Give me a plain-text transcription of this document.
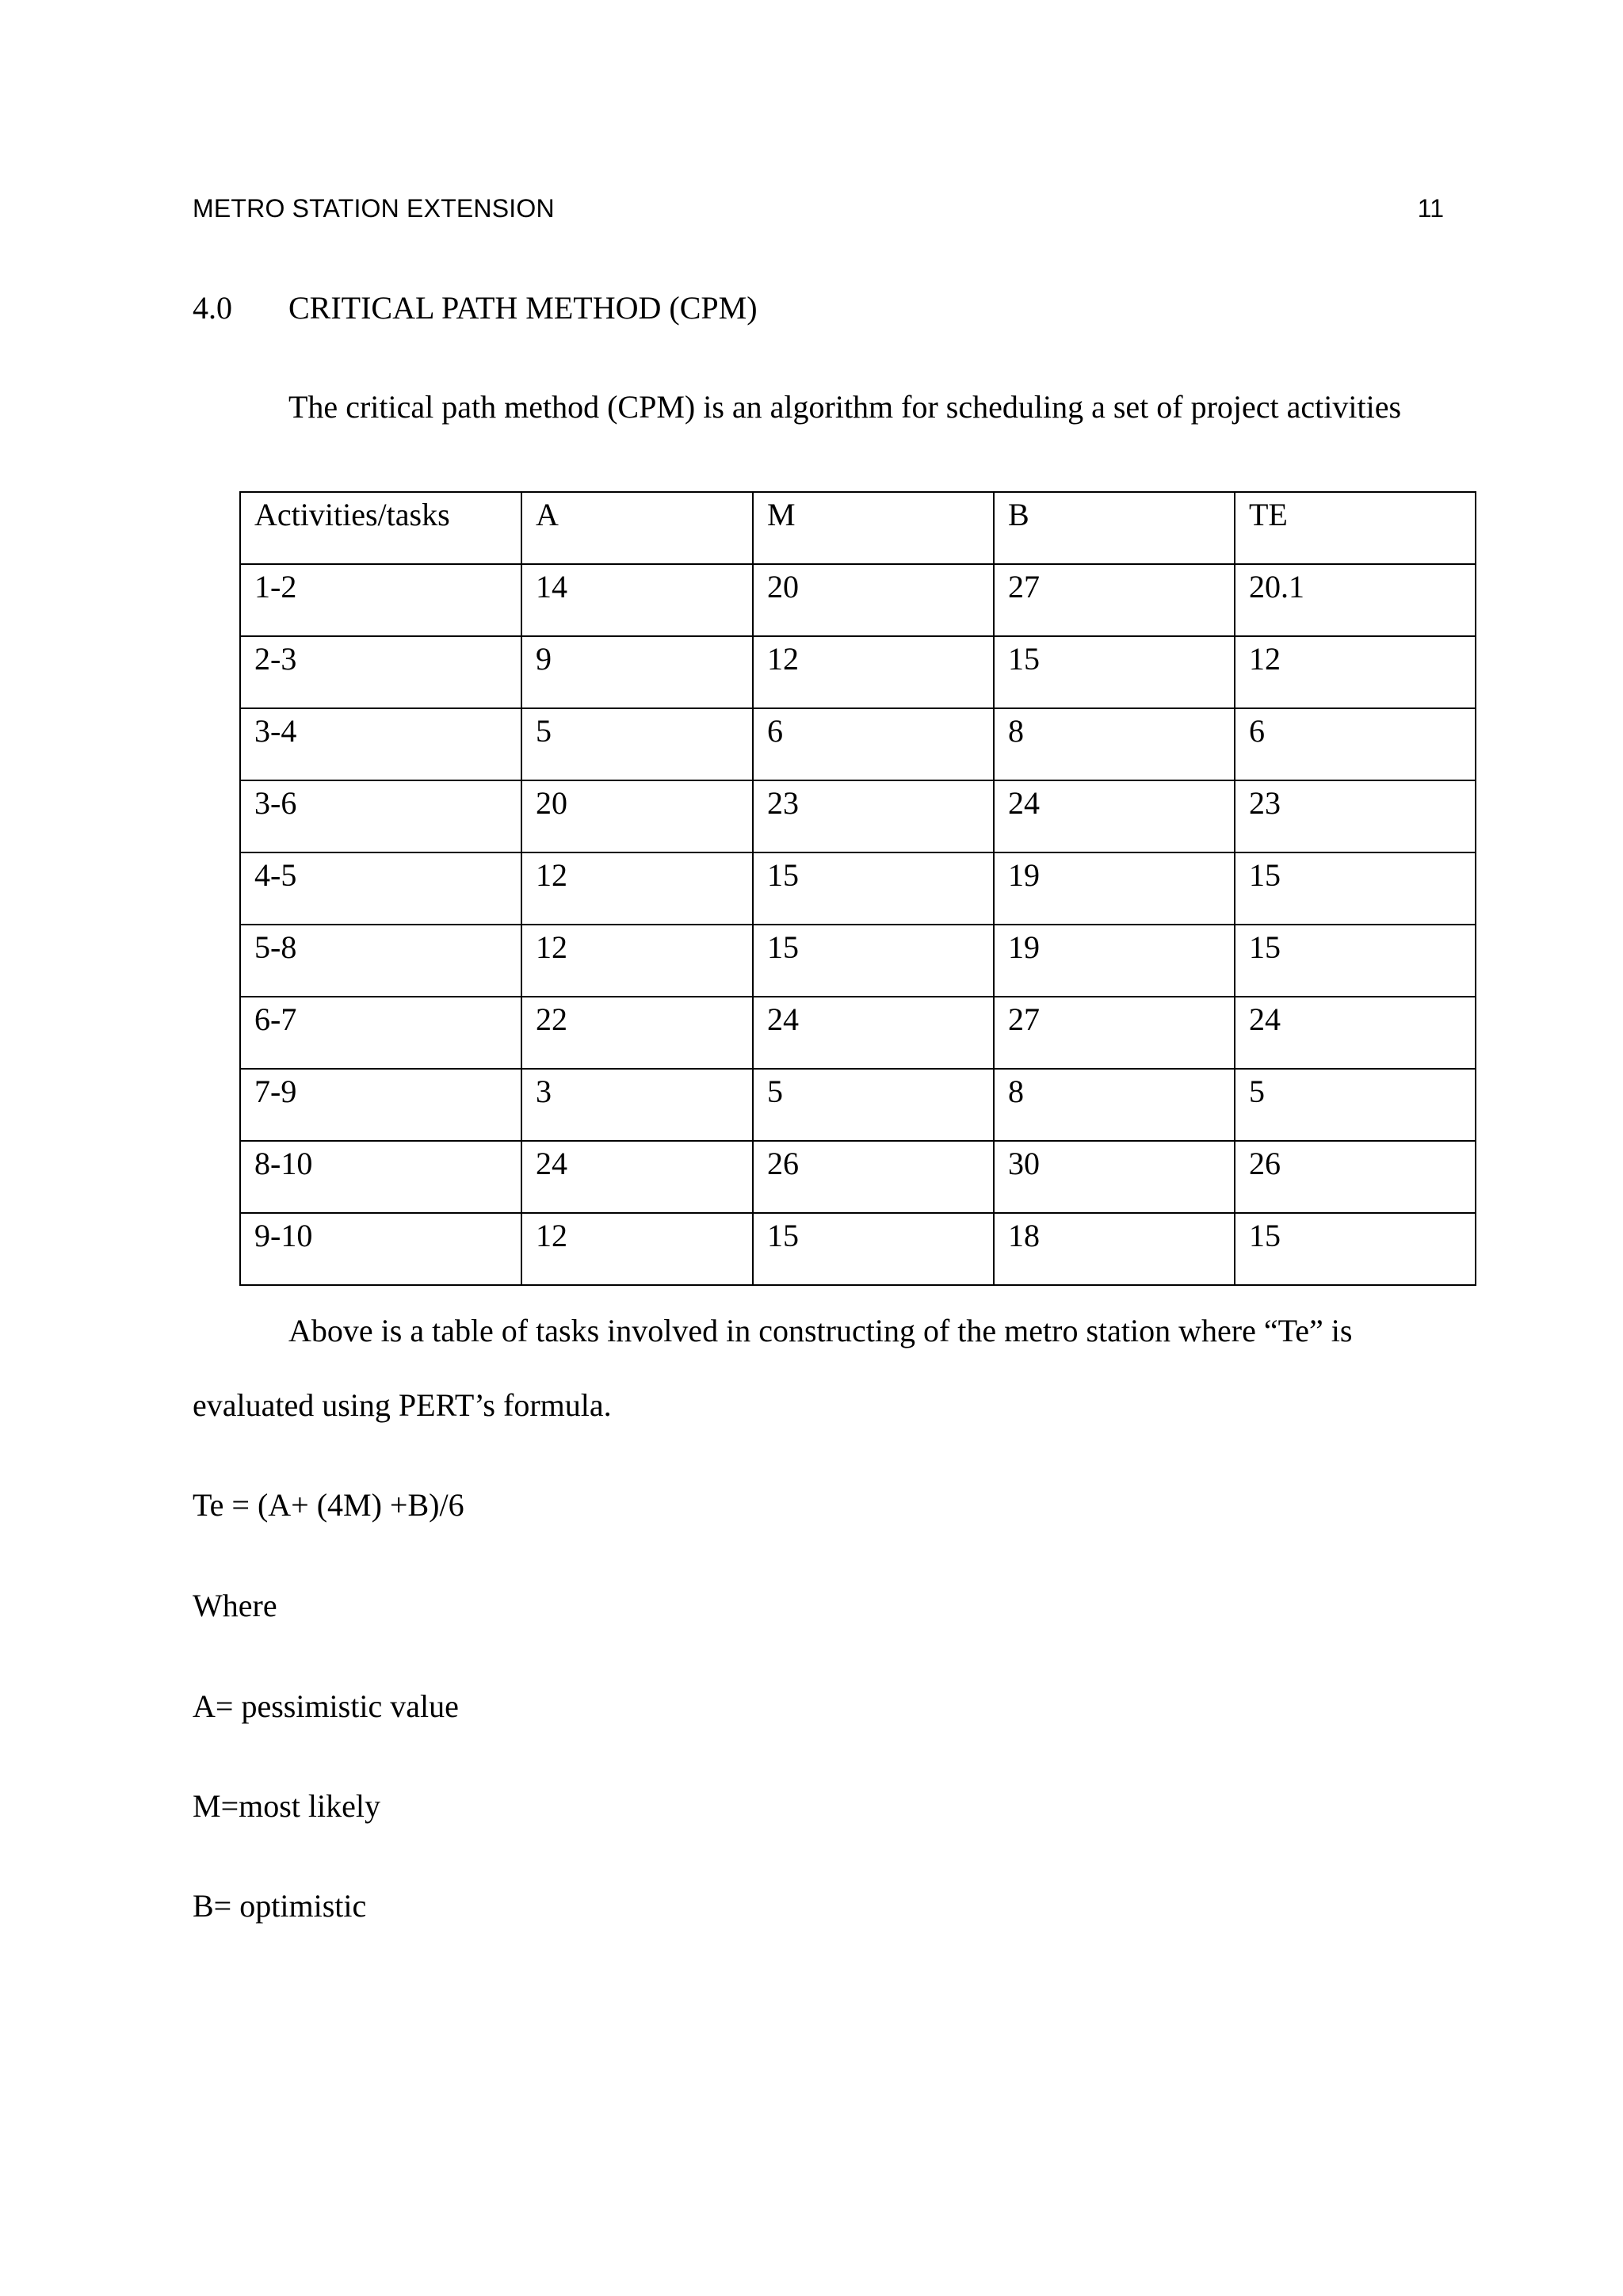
METRO STATION EXTENSION	11
4.0 CRITICAL PATH METHOD (CPM)
The critical path method (CPM) is an algorithm for scheduling a set of project activities
Activities/tasks	A	M	B	TE
1-2	14	20	27	20.1
2-3	9	12	15	12
3-4	5	6	8	6
3-6	20	23	24	23
4-5	12	15	19	15
5-8	12	15	19	15
6-7	22	24	27	24
7-9	3	5	8	5
8-10	24	26	30	26
9-10	12	15	18	15
Above is a table of tasks involved in constructing of the metro station where “Te” is
evaluated using PERT’s formula.
Te = (A+ (4M) +B)/6
Where
A= pessimistic value
M=most likely
B= optimistic
